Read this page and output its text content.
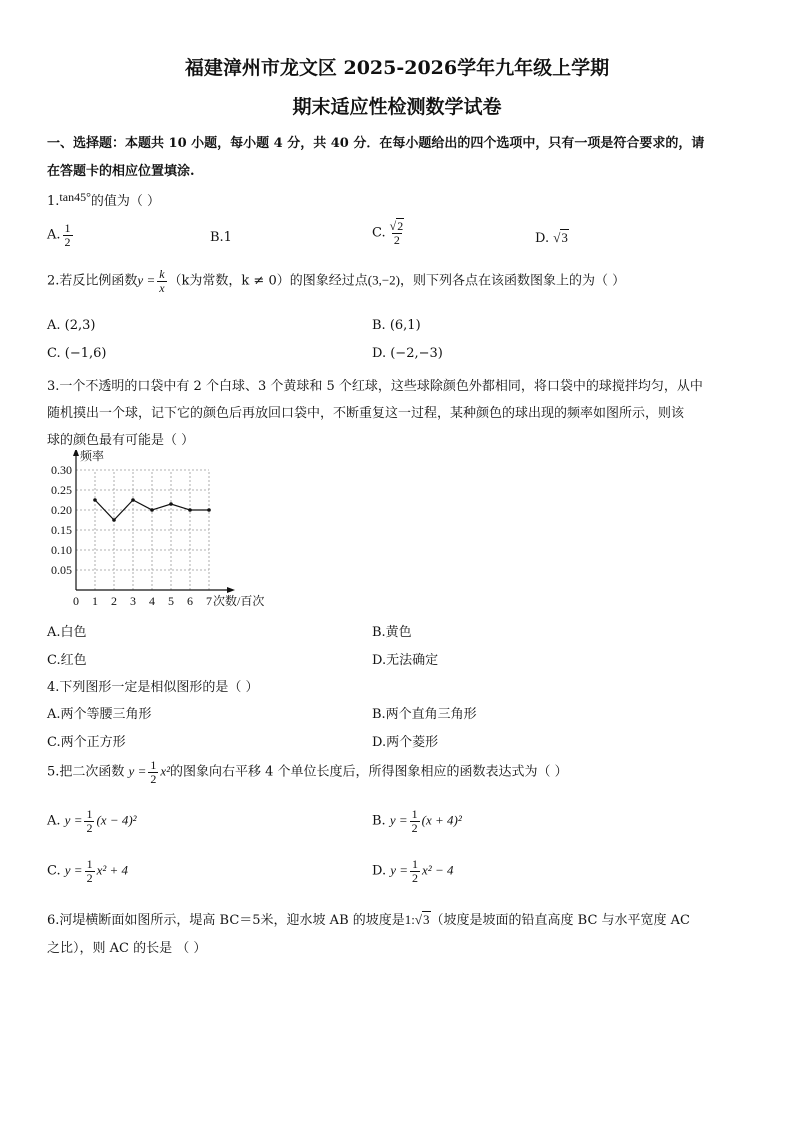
福建漳州市龙文区 2025-2026学年九年级上学期
期末适应性检测数学试卷
一、选择题：本题共 10 小题，每小题 4 分，共 40 分．在每小题给出的四个选项中，只有一项是符合要求的，请
在答题卡的相应位置填涂.
1.tan45°的值为（ ）
A. $\frac{1}{2}$	B.1	C. $\frac{√2}{2}$	D. √3
2.若反比例函数$y = \frac{k}{x} (k$为常数，k ≠ 0）的图象经过点(3,−2)，则下列各点在该函数图象上的为（ ）
A. (2,3)	B. (6,1)
C. (−1,6)	D. (−2,−3)
3.一个不透明的口袋中有 2 个白球、3 个黄球和 5 个红球，这些球除颜色外都相同，将口袋中的球搅拌均匀，从中
随机摸出一个球，记下它的颜色后再放回口袋中，不断重复这一过程，某种颜色的球出现的频率如图所示，则该
球的颜色最有可能是（ ）
0.05
0.10
0.15
0.20
0.25
0.30
0 1 2 3 4 5 6 7
频率
次数/百次
A.白色	B.黄色
C.红色	D.无法确定
4.下列图形一定是相似图形的是（ ）
A.两个等腰三角形	B.两个直角三角形
C.两个正方形	D.两个菱形
5.把二次函数 $y = \frac{1}{2} x^2$的图象向右平移 4 个单位长度后，所得图象相应的函数表达式为（ ）
A. $y = \frac{1}{2} (x - 4)^2$	B. $y = \frac{1}{2} (x + 4)^2$
C. $y = \frac{1}{2} x^2 + 4$	D. $y = \frac{1}{2} x^2 - 4$
6.河堤横断面如图所示，堤高 BC＝5米，迎水坡 AB 的坡度是1:√3（坡度是坡面的铅直高度 BC 与水平宽度 AC
之比），则 AC 的长是 （ ）
